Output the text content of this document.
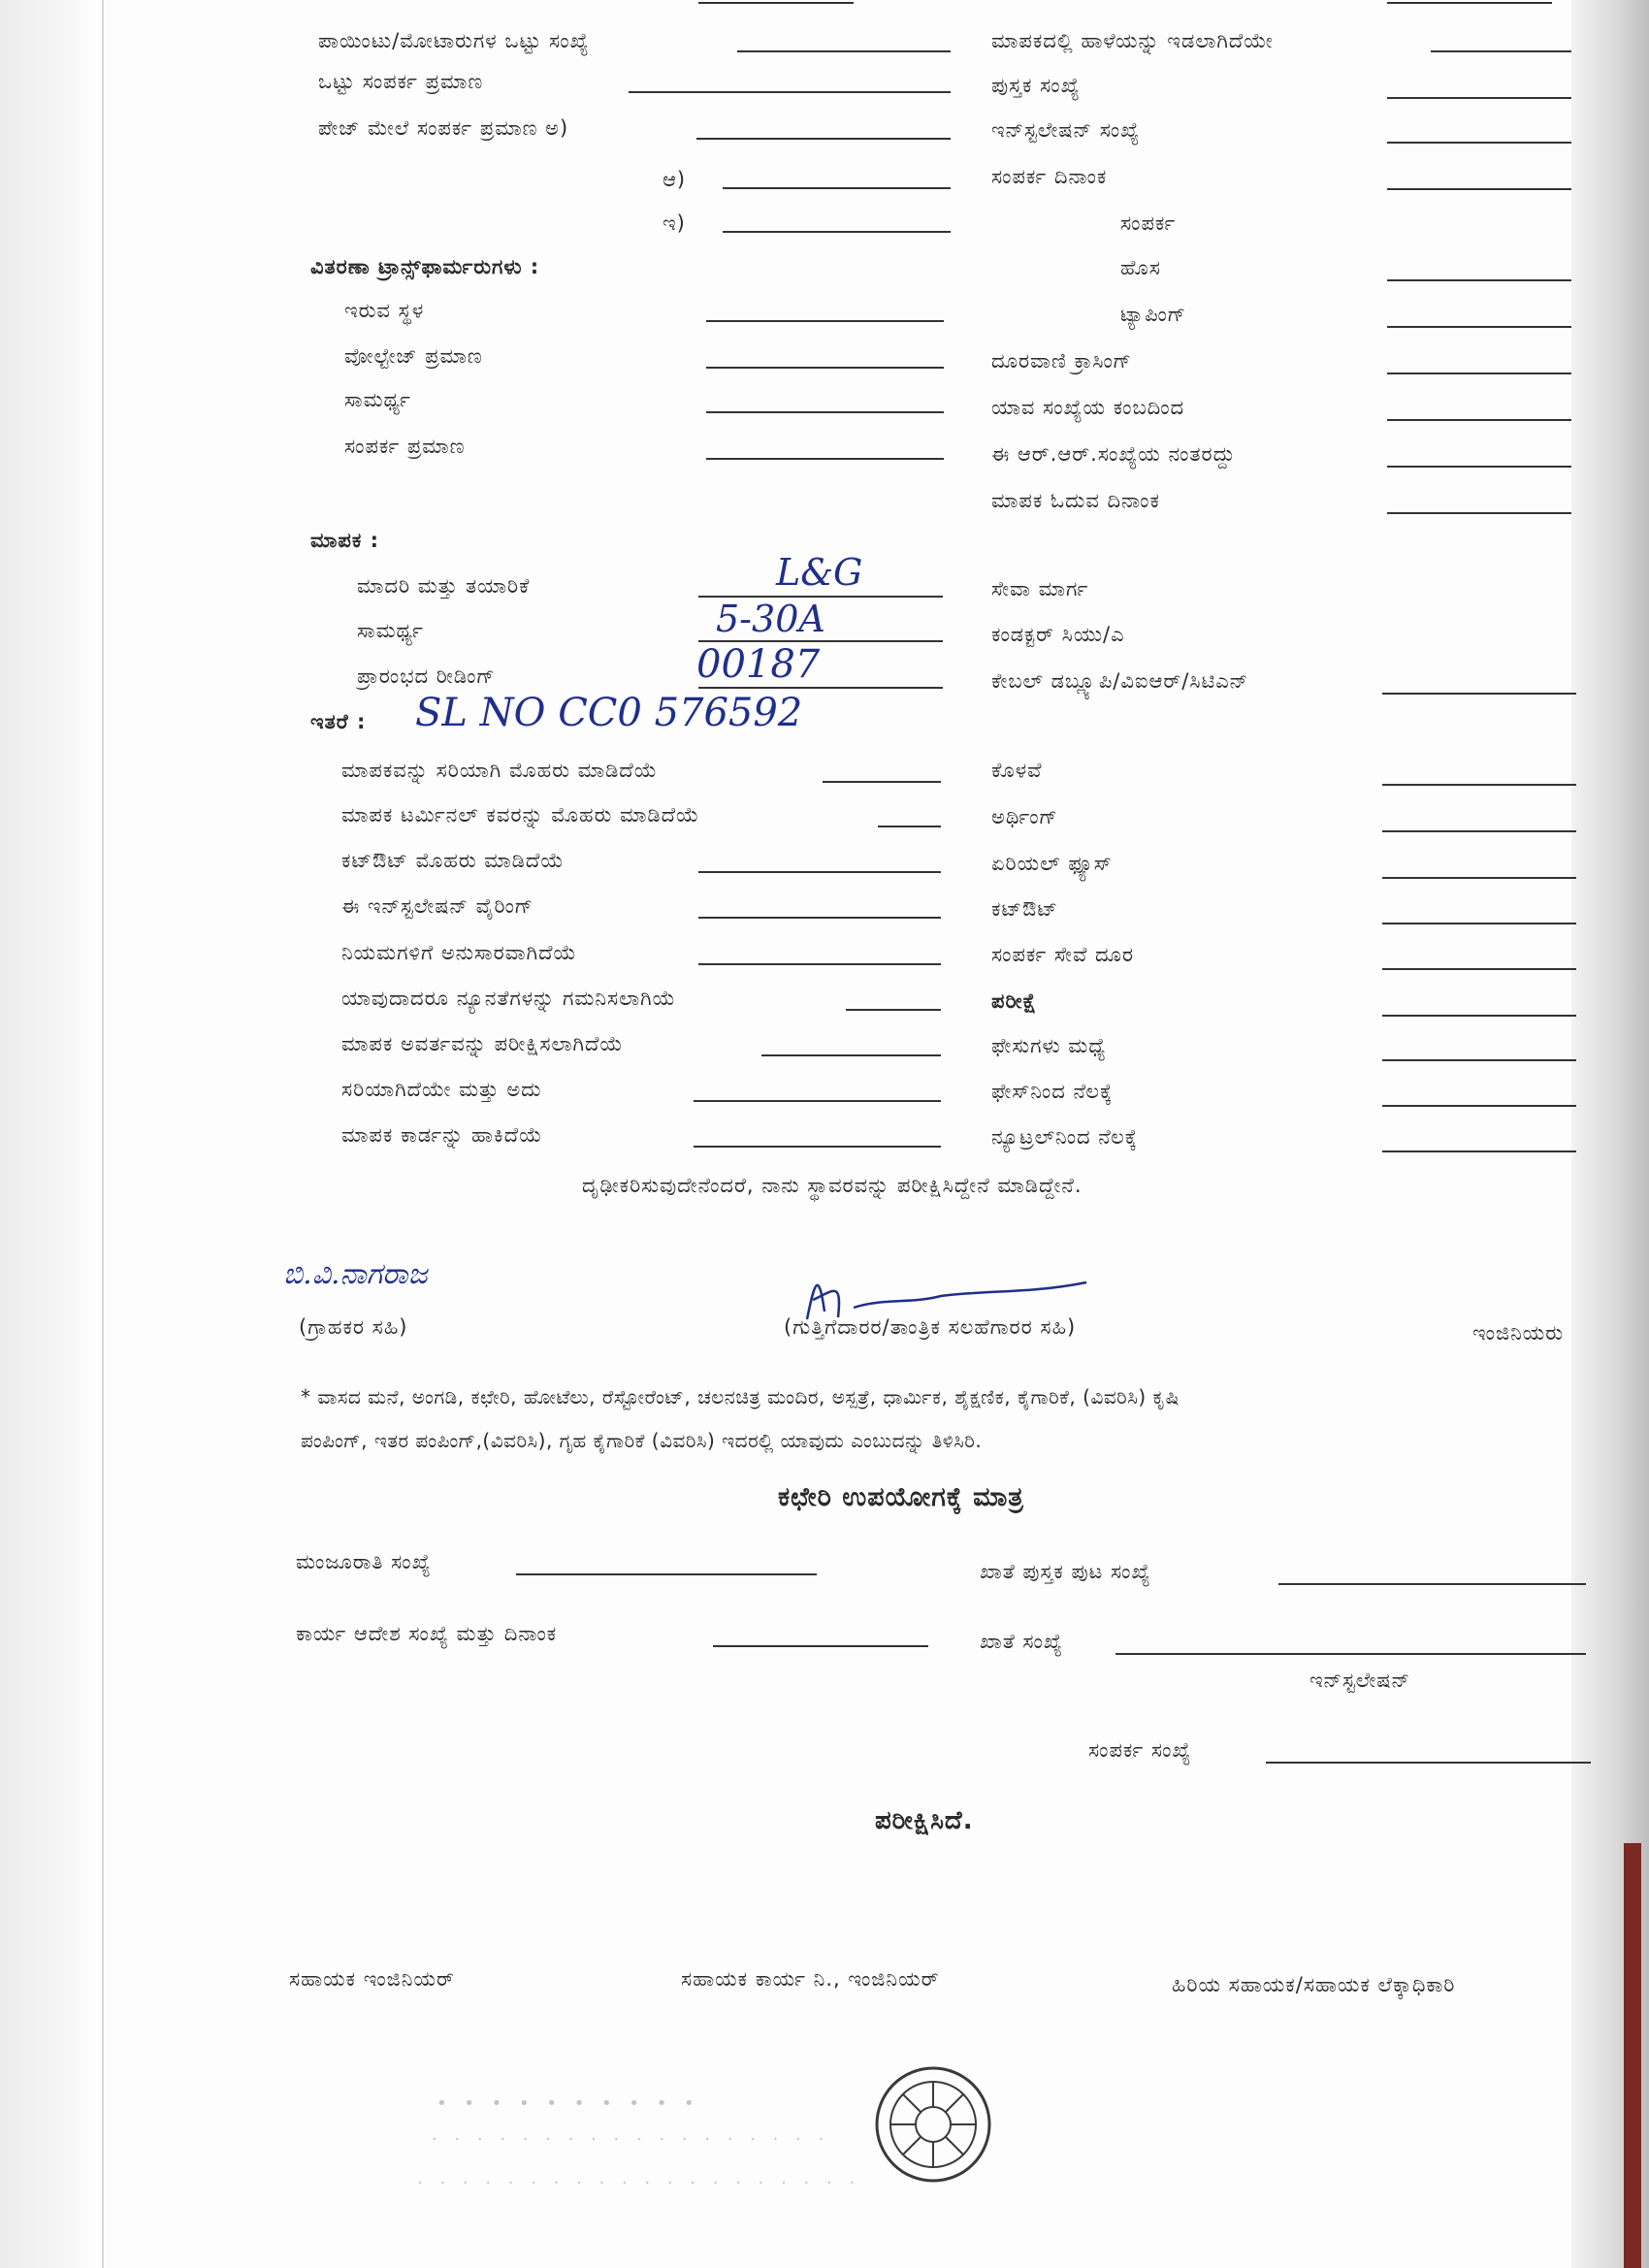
ಪಾಯಿಂಟು/ಮೋಟಾರುಗಳ ಒಟ್ಟು ಸಂಖ್ಯೆ
ಒಟ್ಟು ಸಂಪರ್ಕ ಪ್ರಮಾಣ
ಪೇಜ್ ಮೇಲೆ ಸಂಪರ್ಕ ಪ್ರಮಾಣ ಅ)
ಆ)
ಇ)
ವಿತರಣಾ ಟ್ರಾನ್ಸ್‌ಫಾರ್ಮರುಗಳು :
ಇರುವ ಸ್ಥಳ
ವೋಲ್ಟೇಜ್ ಪ್ರಮಾಣ
ಸಾಮರ್ಥ್ಯ
ಸಂಪರ್ಕ ಪ್ರಮಾಣ
ಮಾಪಕದಲ್ಲಿ ಹಾಳೆಯನ್ನು ಇಡಲಾಗಿದೆಯೇ
ಪುಸ್ತಕ ಸಂಖ್ಯೆ
ಇನ್‌ಸ್ಟಲೇಷನ್ ಸಂಖ್ಯೆ
ಸಂಪರ್ಕ ದಿನಾಂಕ
ಸಂಪರ್ಕ
ಹೊಸ
ಟ್ಯಾಪಿಂಗ್
ದೂರವಾಣಿ ಕ್ರಾಸಿಂಗ್
ಯಾವ ಸಂಖ್ಯೆಯ ಕಂಬದಿಂದ
ಈ ಆರ್.ಆರ್.ಸಂಖ್ಯೆಯ ನಂತರದ್ದು
ಮಾಪಕ ಓದುವ ದಿನಾಂಕ
ಮಾಪಕ :
ಮಾದರಿ ಮತ್ತು ತಯಾರಿಕೆ	L&G
ಸಾಮರ್ಥ್ಯ	5-30A
ಪ್ರಾರಂಭದ ರೀಡಿಂಗ್	00187
ಸೇವಾ ಮಾರ್ಗ
ಕಂಡಕ್ಟರ್ ಸಿಯು/ಎ
ಕೇಬಲ್ ಡಬ್ಲ್ಯೂಪಿ/ವಿಐಆರ್/ಸಿಟಿಎನ್
ಇತರೆ : SL NO CC0 576592
ಮಾಪಕವನ್ನು ಸರಿಯಾಗಿ ಮೊಹರು ಮಾಡಿದೆಯೆ
ಮಾಪಕ ಟರ್ಮಿನಲ್ ಕವರನ್ನು ಮೊಹರು ಮಾಡಿದೆಯೆ
ಕಟ್‌ಔಟ್ ಮೊಹರು ಮಾಡಿದೆಯೆ
ಈ ಇನ್‌ಸ್ಟಲೇಷನ್ ವೈರಿಂಗ್
ನಿಯಮಗಳಿಗೆ ಅನುಸಾರವಾಗಿದೆಯೆ
ಯಾವುದಾದರೂ ನ್ಯೂನತೆಗಳನ್ನು ಗಮನಿಸಲಾಗಿಯೆ
ಮಾಪಕ ಅವರ್ತವನ್ನು ಪರೀಕ್ಷಿಸಲಾಗಿದೆಯೆ
ಸರಿಯಾಗಿದೆಯೇ ಮತ್ತು ಅದು
ಮಾಪಕ ಕಾರ್ಡನ್ನು ಹಾಕಿದೆಯೆ
ಕೊಳವೆ
ಅರ್ಥಿಂಗ್
ಏರಿಯಲ್ ಫ್ಯೂಸ್
ಕಟ್‌ಔಟ್
ಸಂಪರ್ಕ ಸೇವೆ ದೂರ
ಪರೀಕ್ಷೆ
ಫೇಸುಗಳು ಮಧ್ಯೆ
ಫೇಸ್‌ನಿಂದ ನೆಲಕ್ಕೆ
ನ್ಯೂಟ್ರಲ್‌ನಿಂದ ನೆಲಕ್ಕೆ
ದೃಢೀಕರಿಸುವುದೇನೆಂದರೆ, ನಾನು ಸ್ಥಾವರವನ್ನು ಪರೀಕ್ಷಿಸಿದ್ದೇನೆ ಮಾಡಿದ್ದೇನೆ.
ಬಿ.ವಿ.ನಾಗರಾಜ
(ಗ್ರಾಹಕರ ಸಹಿ)	(ಗುತ್ತಿಗೆದಾರರ/ತಾಂತ್ರಿಕ ಸಲಹೆಗಾರರ ಸಹಿ)	ಇಂಜಿನಿಯರು
* ವಾಸದ ಮನೆ, ಅಂಗಡಿ, ಕಛೇರಿ, ಹೋಟೆಲು, ರೆಸ್ಟೋರೆಂಟ್, ಚಲನಚಿತ್ರ ಮಂದಿರ, ಅಸ್ಪತ್ರೆ, ಧಾರ್ಮಿಕ, ಶೈಕ್ಷಣಿಕ, ಕೈಗಾರಿಕೆ, (ವಿವರಿಸಿ) ಕೃಷಿ
ಪಂಪಿಂಗ್, ಇತರ ಪಂಪಿಂಗ್,(ವಿವರಿಸಿ), ಗೃಹ ಕೈಗಾರಿಕೆ (ವಿವರಿಸಿ) ಇದರಲ್ಲಿ ಯಾವುದು ಎಂಬುದನ್ನು ತಿಳಿಸಿರಿ.
ಕಛೇರಿ ಉಪಯೋಗಕ್ಕೆ ಮಾತ್ರ
ಮಂಜೂರಾತಿ ಸಂಖ್ಯೆ	ಖಾತೆ ಪುಸ್ತಕ ಪುಟ ಸಂಖ್ಯೆ
ಕಾರ್ಯ ಆದೇಶ ಸಂಖ್ಯೆ ಮತ್ತು ದಿನಾಂಕ	ಖಾತೆ ಸಂಖ್ಯೆ
ಇನ್‌ಸ್ಟಲೇಷನ್
ಸಂಪರ್ಕ ಸಂಖ್ಯೆ
ಪರೀಕ್ಷಿಸಿದೆ.
ಸಹಾಯಕ ಇಂಜಿನಿಯರ್	ಸಹಾಯಕ ಕಾರ್ಯ ನಿ., ಇಂಜಿನಿಯರ್	ಹಿರಿಯ ಸಹಾಯಕ/ಸಹಾಯಕ ಲೆಕ್ಕಾಧಿಕಾರಿ
• • • • • • • • • •
· · · · · · · · · · · · · · · · · ·
· · · · · · · · · · · · · · · · · · · ·
